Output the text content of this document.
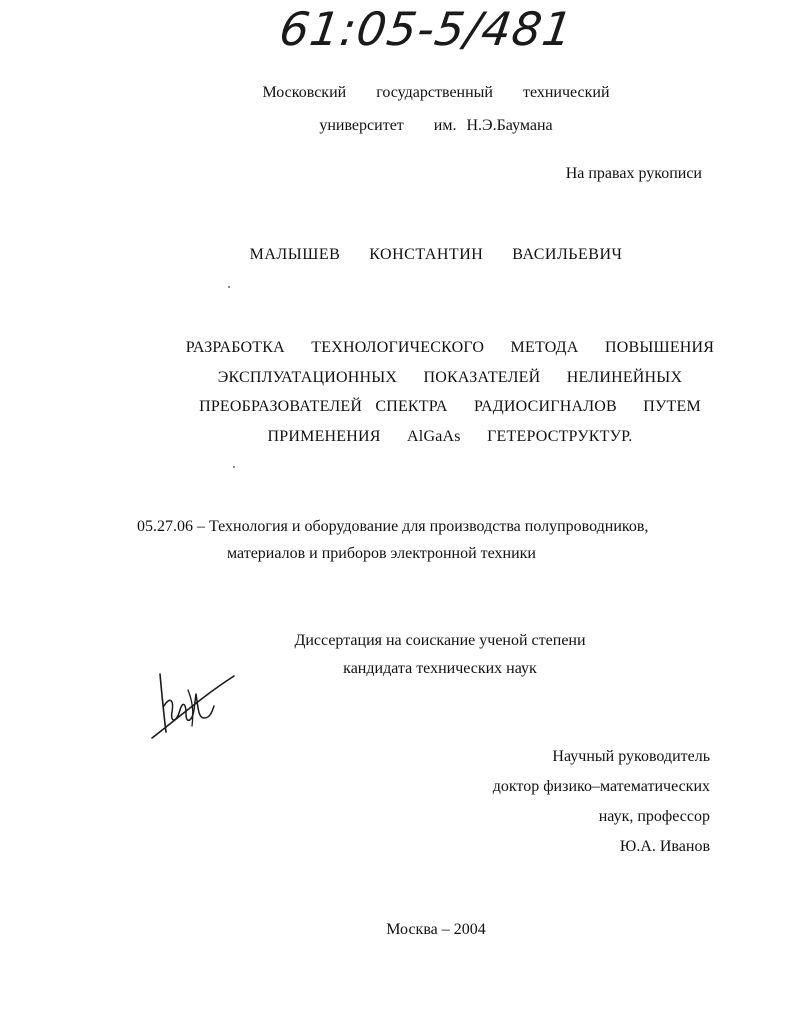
61:05-5/481
Московский   государственный   технический
университет   им. Н.Э.Баумана
На правах рукописи
МАЛЫШЕВ  КОНСТАНТИН  ВАСИЛЬЕВИЧ
РАЗРАБОТКА  ТЕХНОЛОГИЧЕСКОГО  МЕТОДА  ПОВЫШЕНИЯ
ЭКСПЛУАТАЦИОННЫХ  ПОКАЗАТЕЛЕЙ  НЕЛИНЕЙНЫХ
ПРЕОБРАЗОВАТЕЛЕЙ СПЕКТРА  РАДИОСИГНАЛОВ  ПУТЕМ
ПРИМЕНЕНИЯ  AlGaAs  ГЕТЕРОСТРУКТУР.
05.27.06 – Технология и оборудование для производства полупроводников,
материалов и приборов электронной техники
Диссертация на соискание ученой степени
кандидата технических наук
Научный руководитель
доктор физико–математических
наук, профессор
Ю.А. Иванов
Москва – 2004
